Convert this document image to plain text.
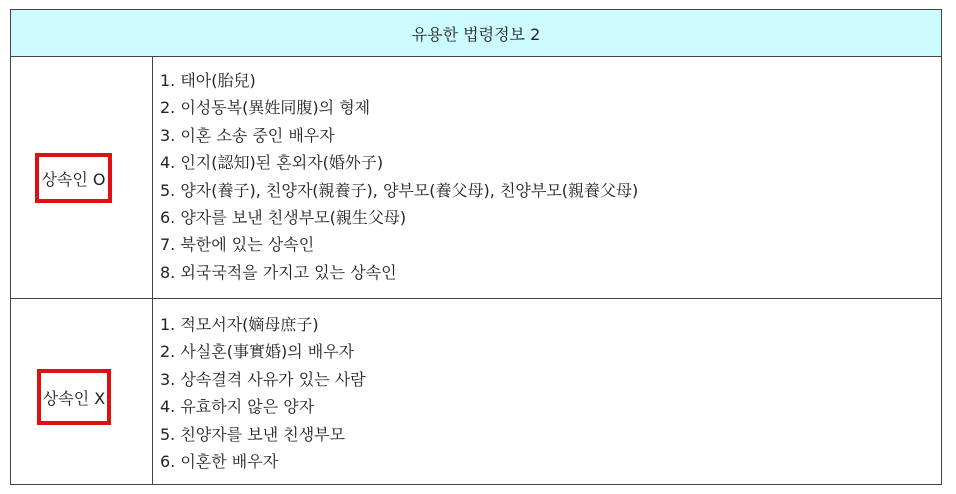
유용한 법령정보 2
상속인 O
1. 태아(胎兒)
2. 이성동복(異姓同腹)의 형제
3. 이혼 소송 중인 배우자
4. 인지(認知)된 혼외자(婚外子)
5. 양자(養子), 친양자(親養子), 양부모(養父母), 친양부모(親養父母)
6. 양자를 보낸 친생부모(親生父母)
7. 북한에 있는 상속인
8. 외국국적을 가지고 있는 상속인
상속인 X
1. 적모서자(嫡母庶子)
2. 사실혼(事實婚)의 배우자
3. 상속결격 사유가 있는 사람
4. 유효하지 않은 양자
5. 친양자를 보낸 친생부모
6. 이혼한 배우자
